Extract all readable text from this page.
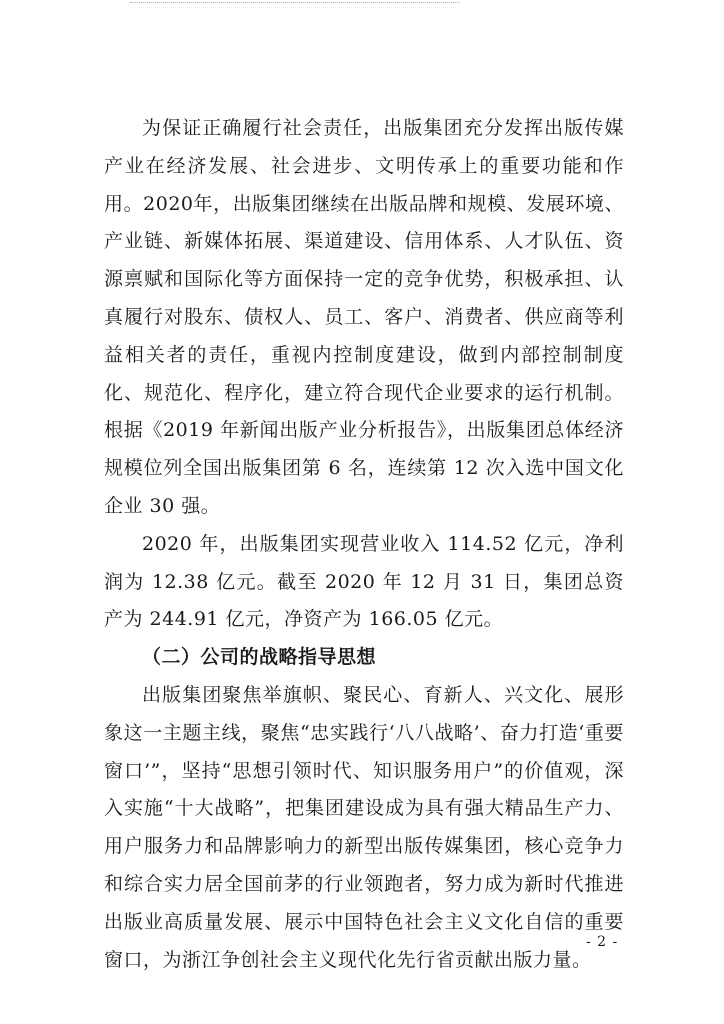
为保证正确履行社会责任，出版集团充分发挥出版传媒产业在经济发展、社会进步、文明传承上的重要功能和作用。2020年，出版集团继续在出版品牌和规模、发展环境、产业链、新媒体拓展、渠道建设、信用体系、人才队伍、资源禀赋和国际化等方面保持一定的竞争优势，积极承担、认真履行对股东、债权人、员工、客户、消费者、供应商等利益相关者的责任，重视内控制度建设，做到内部控制制度化、规范化、程序化，建立符合现代企业要求的运行机制。根据《2019 年新闻出版产业分析报告》，出版集团总体经济规模位列全国出版集团第 6 名，连续第 12 次入选中国文化企业 30 强。

2020 年，出版集团实现营业收入 114.52 亿元，净利润为 12.38 亿元。截至 2020 年 12 月 31 日，集团总资产为 244.91 亿元，净资产为 166.05 亿元。

（二）公司的战略指导思想

出版集团聚焦举旗帜、聚民心、育新人、兴文化、展形象这一主题主线，聚焦“忠实践行‘八八战略’、奋力打造‘重要窗口’”，坚持“思想引领时代、知识服务用户”的价值观，深入实施“十大战略”，把集团建设成为具有强大精品生产力、用户服务力和品牌影响力的新型出版传媒集团，核心竞争力和综合实力居全国前茅的行业领跑者，努力成为新时代推进出版业高质量发展、展示中国特色社会主义文化自信的重要窗口，为浙江争创社会主义现代化先行省贡献出版力量。

- 2 -
